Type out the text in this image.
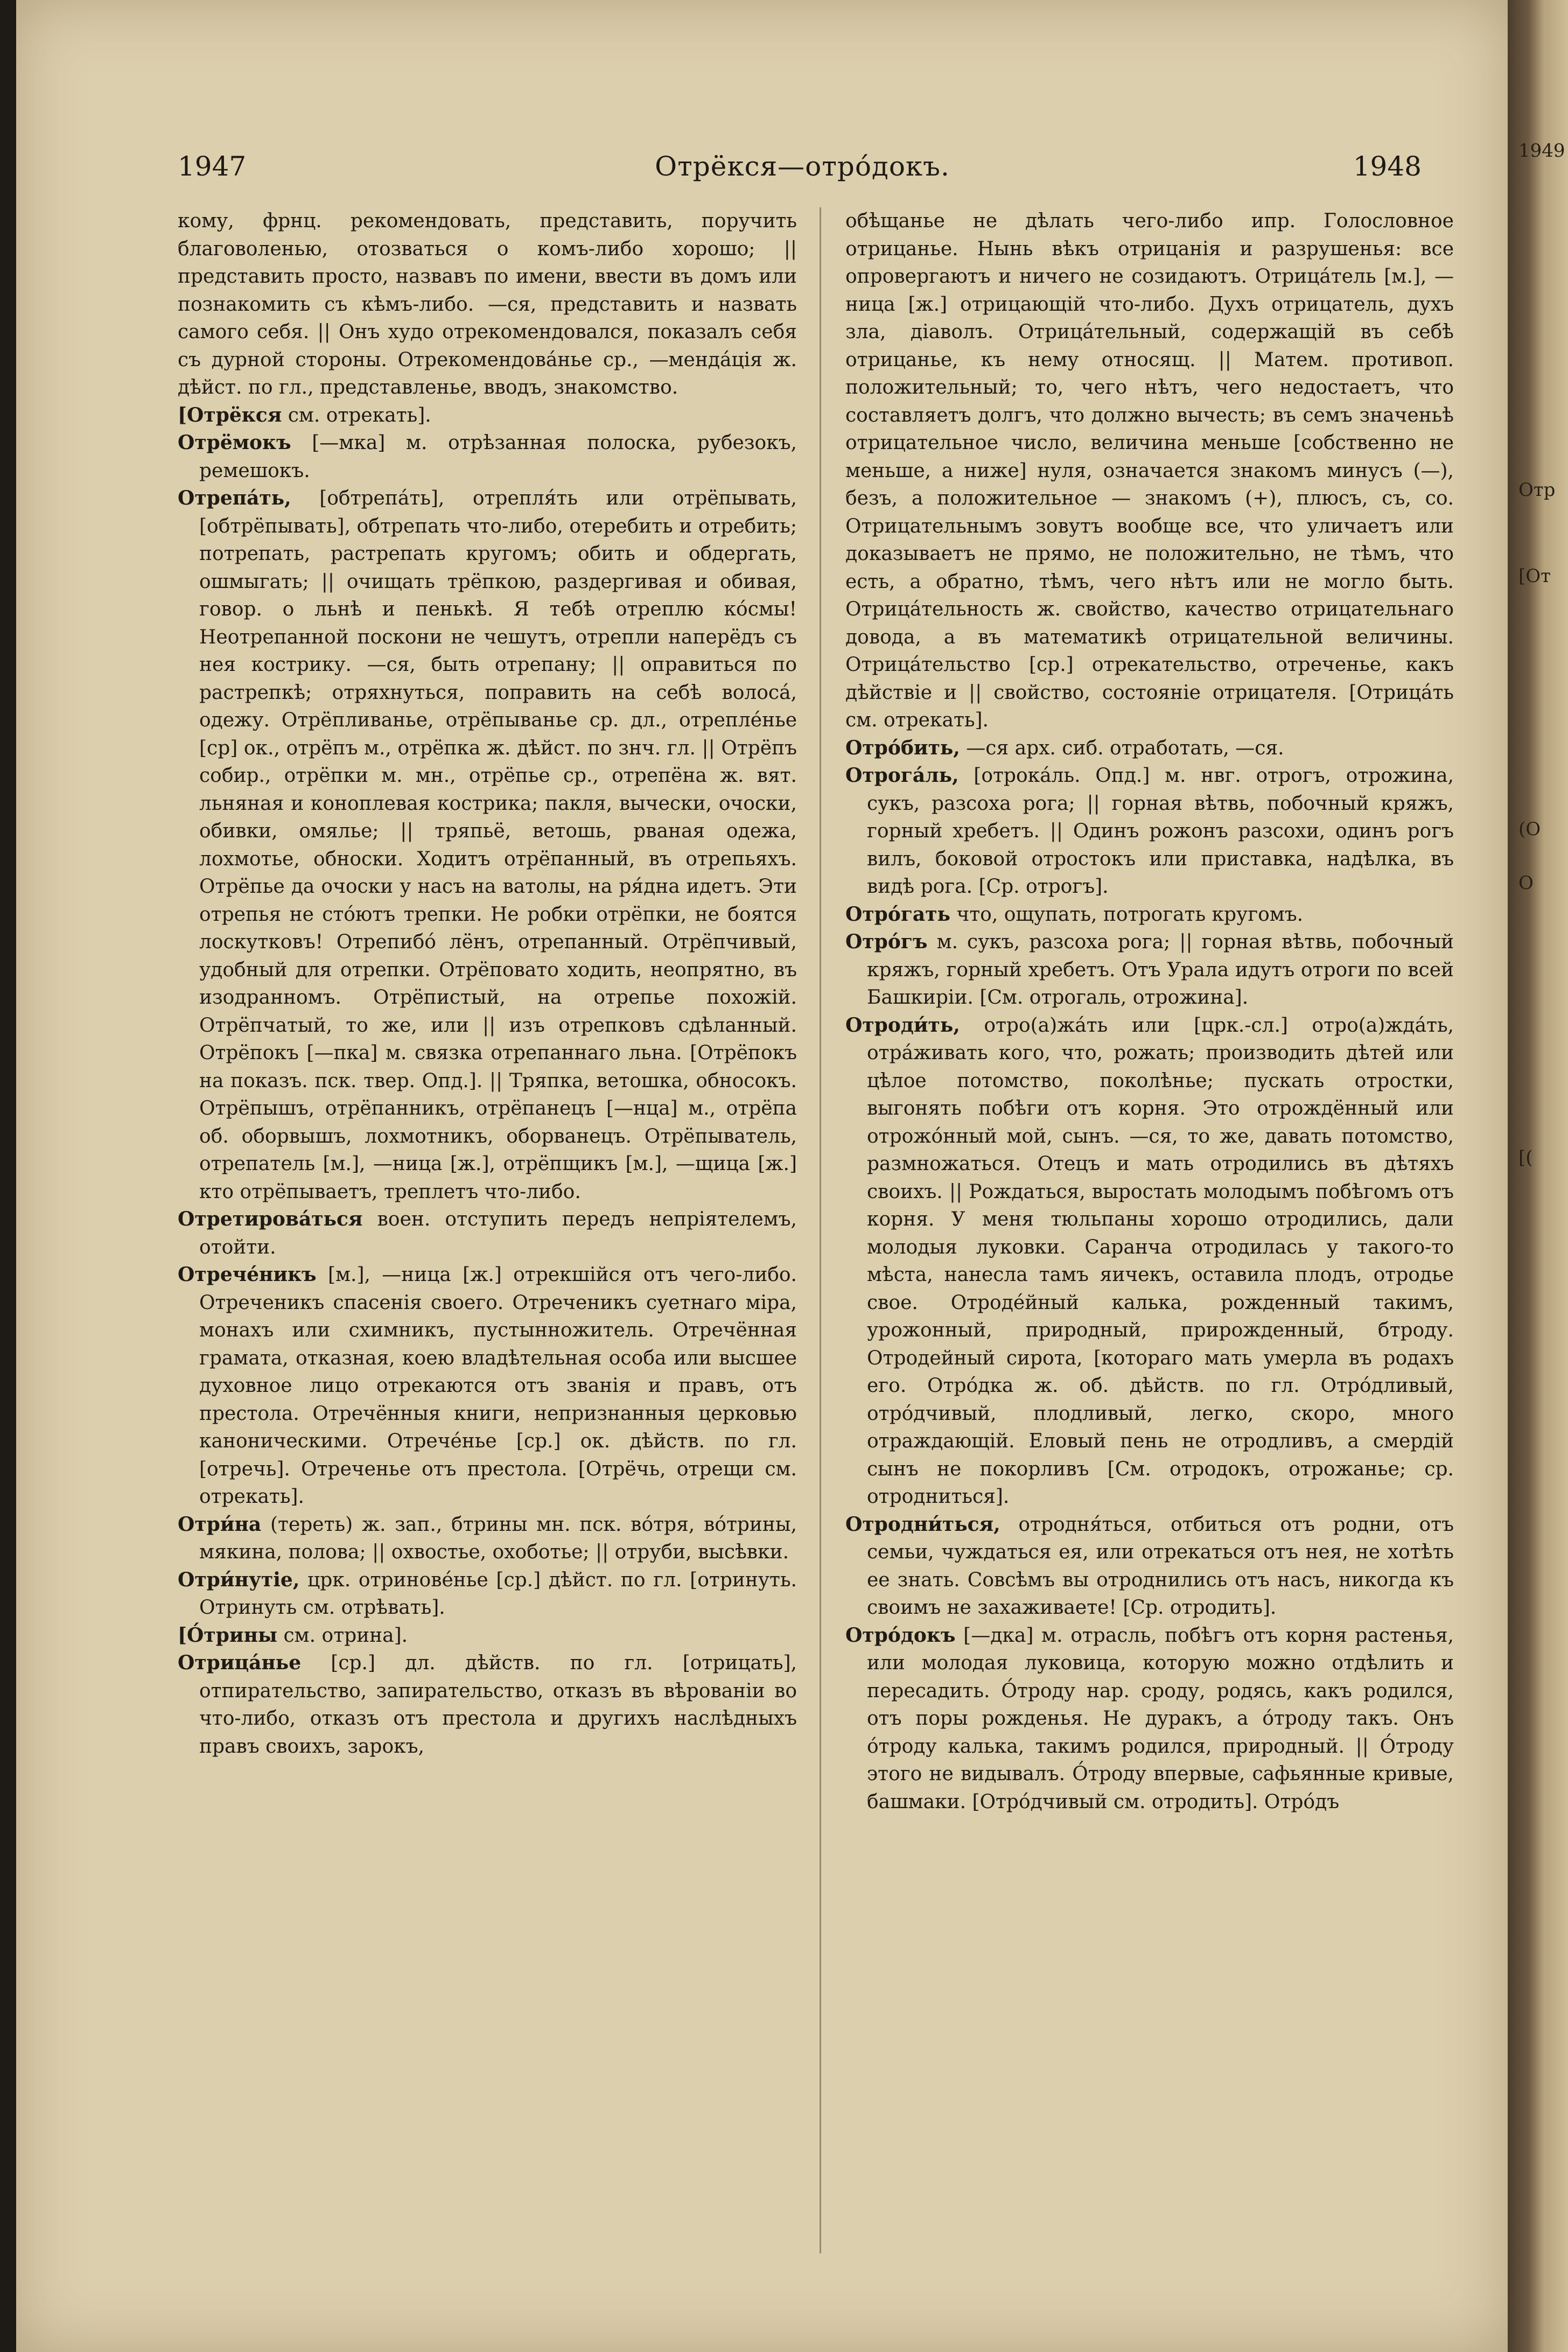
1947	Отрёкся—отро́докъ.	1948

кому, фрнц. рекомендовать, представить, поручить благоволенью, отозваться о комъ-либо хорошо; || представить просто, назвавъ по имени, ввести въ домъ или познакомить съ кѣмъ-либо. —ся, представить и назвать самого себя. || Онъ худо отрекомендовался, показалъ себя съ дурной стороны. Отрекомендова́нье ср., —менда́ція ж. дѣйст. по гл., представленье, вводъ, знакомство.

[Отрёкся см. отрекать].

Отрёмокъ [—мка] м. отрѣзанная полоска, рубезокъ, ремешокъ.

Отрепа́ть, [обтрепа́ть], отрепля́ть или отрёпывать, [обтрёпывать], обтрепать что-либо, отеребить и отребить; потрепать, растрепать кругомъ; обить и обдергать, ошмыгать; || очищать трёпкою, раздергивая и обивая, говор. о льнѣ и пенькѣ. Я тебѣ отреплю ко́смы! Неотрепанной поскони не чешутъ, отрепли наперёдъ съ нея кострику. —ся, быть отрепану; || оправиться по растрепкѣ; отряхнуться, поправить на себѣ волоса́, одежу. Отрёпливанье, отрёпыванье ср. дл., отрепле́нье [ср] ок., отрёпъ м., отрёпка ж. дѣйст. по знч. гл. || Отрёпъ собир., отрёпки м. мн., отрёпье ср., отрепёна ж. вят. льняная и коноплевая кострика; пакля, вычески, очоски, обивки, омялье; || тряпьё, ветошь, рваная одежа, лохмотье, обноски. Ходитъ отрёпанный, въ отрепьяхъ. Отрёпье да очоски у насъ на ватолы, на ря́дна идетъ. Эти отрепья не сто́ютъ трепки. Не робки отрёпки, не боятся лоскутковъ! Отрепибо́ лёнъ, отрепанный. Отрёпчивый, удобный для отрепки. Отрёповато ходить, неопрятно, въ изодранномъ. Отрёпистый, на отрепье похожій. Отрёпчатый, то же, или || изъ отрепковъ сдѣланный. Отрёпокъ [—пка] м. связка отрепаннаго льна. [Отрёпокъ на показъ. пск. твер. Опд.]. || Тряпка, ветошка, обносокъ. Отрёпышъ, отрёпанникъ, отрёпанецъ [—нца] м., отрёпа об. оборвышъ, лохмотникъ, оборванецъ. Отрёпыватель, отрепатель [м.], —ница [ж.], отрёпщикъ [м.], —щица [ж.] кто отрёпываетъ, треплетъ что-либо.

Отретирова́ться воен. отступить передъ непріятелемъ, отойти.

Отрече́никъ [м.], —ница [ж.] отрекшійся отъ чего-либо. Отреченикъ спасенія своего. Отреченикъ суетнаго міра, монахъ или схимникъ, пустынножитель. Отречённая грамата, отказная, коею владѣтельная особа или высшее духовное лицо отрекаются отъ званія и правъ, отъ престола. Отречённыя книги, непризнанныя церковью каноническими. Отрече́нье [ср.] ок. дѣйств. по гл. [отречь]. Отреченье отъ престола. [Отрёчь, отрещи см. отрекать].

Отри́на (тереть) ж. зап., бтрины мн. пск. во́тря, во́трины, мякина, полова; || охвостье, охоботье; || отруби, высѣвки.

Отри́нутіе, црк. отриновéнье [ср.] дѣйст. по гл. [отринуть. Отринуть см. отрѣвать].

[О́трины см. отрина].

Отрица́нье [ср.] дл. дѣйств. по гл. [отрицать], отпирательство, запирательство, отказъ въ вѣрованіи во что-либо, отказъ отъ престола и другихъ наслѣдныхъ правъ своихъ, зарокъ,

обѣщанье не дѣлать чего-либо ипр. Голословное отрицанье. Нынь вѣкъ отрицанія и разрушенья: все опровергаютъ и ничего не созидаютъ. Отрица́тель [м.], —ница [ж.] отрицающій что-либо. Духъ отрицатель, духъ зла, діаволъ. Отрица́тельный, содержащій въ себѣ отрицанье, къ нему относящ. || Матем. противоп. положительный; то, чего нѣтъ, чего недостаетъ, что составляетъ долгъ, что должно вычесть; въ семъ значеньѣ отрицательное число, величина меньше [собственно не меньше, а ниже] нуля, означается знакомъ минусъ (—), безъ, а положительное — знакомъ (+), плюсъ, съ, со. Отрицательнымъ зовутъ вообще все, что уличаетъ или доказываетъ не прямо, не положительно, не тѣмъ, что есть, а обратно, тѣмъ, чего нѣтъ или не могло быть. Отрица́тельность ж. свойство, качество отрицательнаго довода, а въ математикѣ отрицательной величины. Отрица́тельство [ср.] отрекательство, отреченье, какъ дѣйствіе и || свойство, состояніе отрицателя. [Отрица́ть см. отрекать].

Отро́бить, —ся арх. сиб. отработать, —ся.

Отрога́ль, [отрока́ль. Опд.] м. нвг. отрогъ, отрожина, сукъ, разсоха рога; || горная вѣтвь, побочный кряжъ, горный хребетъ. || Одинъ рожонъ разсохи, одинъ рогъ вилъ, боковой отростокъ или приставка, надѣлка, въ видѣ рога. [Ср. отрогъ].

Отро́гать что, ощупать, потрогать кругомъ.

Отро́гъ м. сукъ, разсоха рога; || горная вѣтвь, побочный кряжъ, горный хребетъ. Отъ Урала идутъ отроги по всей Башкиріи. [См. отрогаль, отрожина].

Отроди́ть, отро(а)жа́ть или [црк.-сл.] отро(а)жда́ть, отра́живать кого, что, рожать; производить дѣтей или цѣлое потомство, поколѣнье; пускать отростки, выгонять побѣги отъ корня. Это отрождённый или отрожо́нный мой, сынъ. —ся, то же, давать потомство, размножаться. Отецъ и мать отродились въ дѣтяхъ своихъ. || Рождаться, выростать молодымъ побѣгомъ отъ корня. У меня тюльпаны хорошо отродились, дали молодыя луковки. Саранча отродилась у такого-то мѣста, нанесла тамъ яичекъ, оставила плодъ, отродье свое. Отродéйный калька, рожденный такимъ, урожонный, природный, прирожденный, бтроду. Отродейный сирота, [котораго мать умерла въ родахъ его. Отро́дка ж. об. дѣйств. по гл. Отро́дливый, отро́дчивый, плодливый, легко, скоро, много отраждающій. Еловый пень не отродливъ, а смердій сынъ не покорливъ [См. отродокъ, отрожанье; ср. отродниться].

Отродни́ться, отродня́ться, отбиться отъ родни, отъ семьи, чуждаться ея, или отрекаться отъ нея, не хотѣть ее знать. Совсѣмъ вы отроднились отъ насъ, никогда къ своимъ не захаживаете! [Ср. отродить].

Отро́докъ [—дка] м. отрасль, побѣгъ отъ корня растенья, или молодая луковица, которую можно отдѣлить и пересадить. О́троду нар. сроду, родясь, какъ родился, отъ поры рожденья. Не дуракъ, а о́троду такъ. Онъ о́троду калька, такимъ родился, природный. || О́троду этого не видывалъ. О́троду впервые, сафьянные кривые, башмаки. [Отро́дчивый см. отродить]. Отро́дъ

1949
Отр
[От
(О
О
[(
